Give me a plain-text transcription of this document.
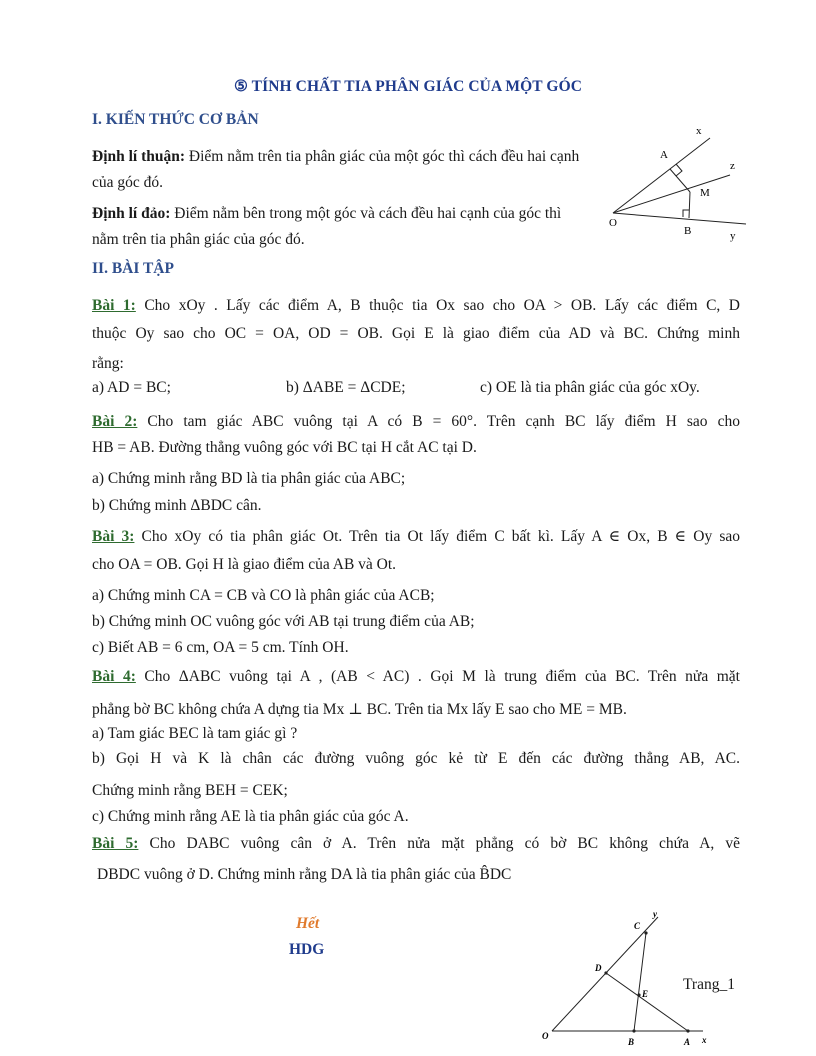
⑤ TÍNH CHẤT TIA PHÂN GIÁC CỦA MỘT GÓC
I. KIẾN THỨC CƠ BẢN
Định lí thuận: Điểm nằm trên tia phân giác của một góc thì cách đều hai cạnh của góc đó.
Định lí đảo: Điểm nằm bên trong một góc và cách đều hai cạnh của góc thì nằm trên tia phân giác của góc đó.
x
A
z
M
O
B	y
II. BÀI TẬP
Bài 1: Cho xOy . Lấy các điểm A, B thuộc tia Ox sao cho OA > OB. Lấy các điểm C, D
thuộc Oy sao cho OC = OA, OD = OB. Gọi E là giao điểm của AD và BC. Chứng minh
rằng:
a) AD = BC;	b) ΔABE = ΔCDE;	c) OE là tia phân giác của góc xOy.
Bài 2: Cho tam giác ABC vuông tại A có B = 60°. Trên cạnh BC lấy điểm H sao cho
HB = AB. Đường thẳng vuông góc với BC tại H cắt AC tại D.
a) Chứng minh rằng BD là tia phân giác của ABC;
b) Chứng minh ΔBDC cân.
Bài 3: Cho xOy có tia phân giác Ot. Trên tia Ot lấy điểm C bất kì. Lấy A ∈ Ox, B ∈ Oy sao
cho OA = OB. Gọi H là giao điểm của AB và Ot.
a) Chứng minh CA = CB và CO là phân giác của ACB;
b) Chứng minh OC vuông góc với AB tại trung điểm của AB;
c) Biết AB = 6 cm, OA = 5 cm. Tính OH.
Bài 4: Cho ΔABC vuông tại A , (AB < AC) . Gọi M là trung điểm của BC. Trên nửa mặt
phẳng bờ BC không chứa A dựng tia Mx ⊥ BC. Trên tia Mx lấy E sao cho ME = MB.
a) Tam giác BEC là tam giác gì ?
b) Gọi H và K là chân các đường vuông góc kẻ từ E đến các đường thẳng AB, AC.
Chứng minh rằng BEH = CEK;
c) Chứng minh rằng AE là tia phân giác của góc A.
Bài 5: Cho DABC vuông cân ở A. Trên nửa mặt phẳng có bờ BC không chứa A, vẽ
DBDC vuông ở D. Chứng minh rằng DA là tia phân giác của B̂DC
Hết
HDG
Trang_1
y
C
D
E
O
B	A x
